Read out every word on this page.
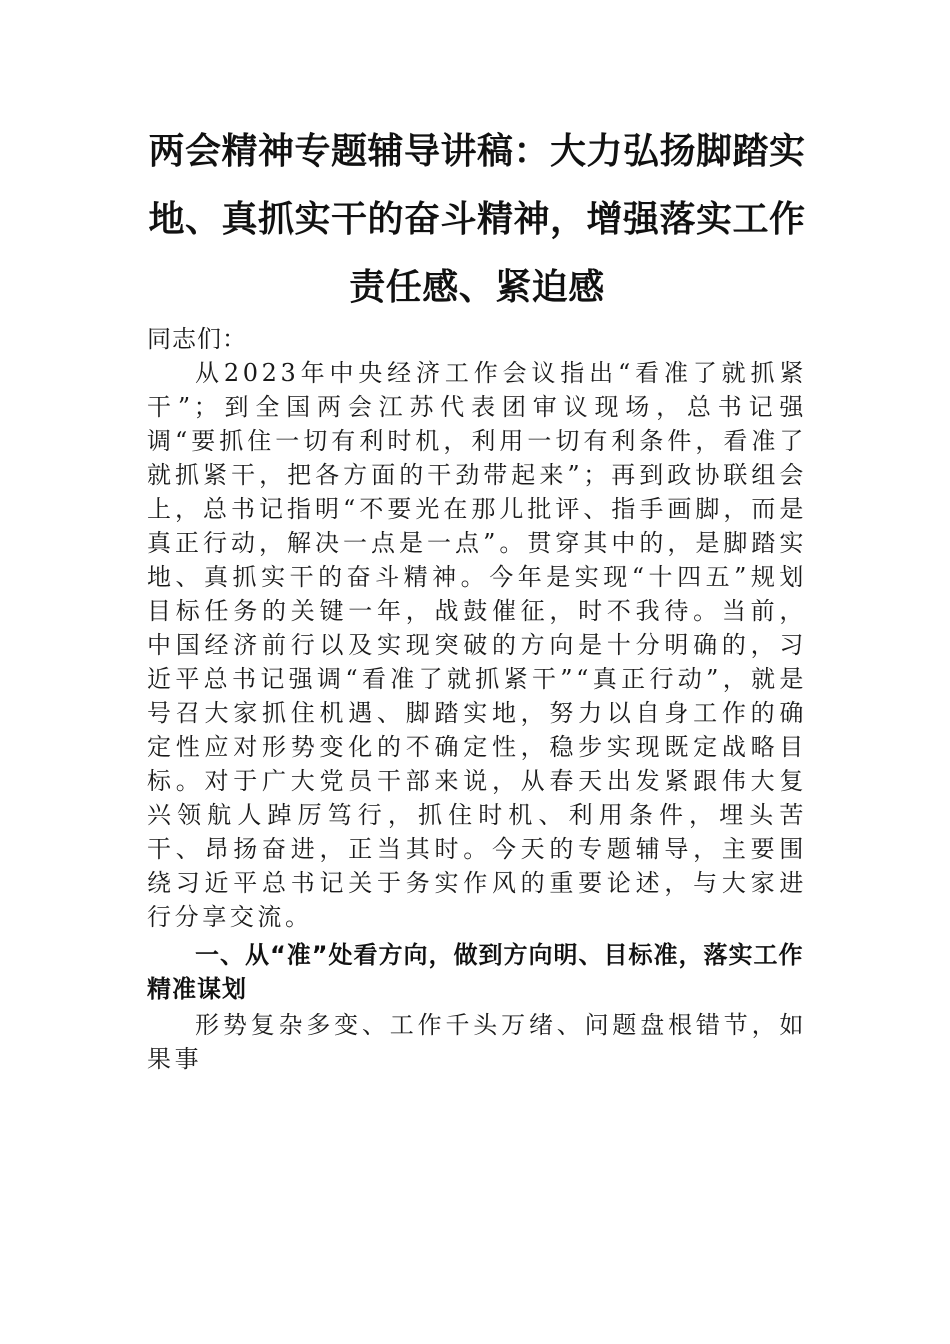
两会精神专题辅导讲稿：大力弘扬脚踏实地、真抓实干的奋斗精神，增强落实工作责任感、紧迫感

同志们：

从2023年中央经济工作会议指出“看准了就抓紧干”；到全国两会江苏代表团审议现场，总书记强调“要抓住一切有利时机，利用一切有利条件，看准了就抓紧干，把各方面的干劲带起来”；再到政协联组会上，总书记指明“不要光在那儿批评、指手画脚，而是真正行动，解决一点是一点”。贯穿其中的，是脚踏实地、真抓实干的奋斗精神。今年是实现“十四五”规划目标任务的关键一年，战鼓催征，时不我待。当前，中国经济前行以及实现突破的方向是十分明确的，习近平总书记强调“看准了就抓紧干”“真正行动”，就是号召大家抓住机遇、脚踏实地，努力以自身工作的确定性应对形势变化的不确定性，稳步实现既定战略目标。对于广大党员干部来说，从春天出发紧跟伟大复兴领航人踔厉笃行，抓住时机、利用条件，埋头苦干、昂扬奋进，正当其时。今天的专题辅导，主要围绕习近平总书记关于务实作风的重要论述，与大家进行分享交流。

一、从“准”处看方向，做到方向明、目标准，落实工作精准谋划

形势复杂多变、工作千头万绪、问题盘根错节，如果事
